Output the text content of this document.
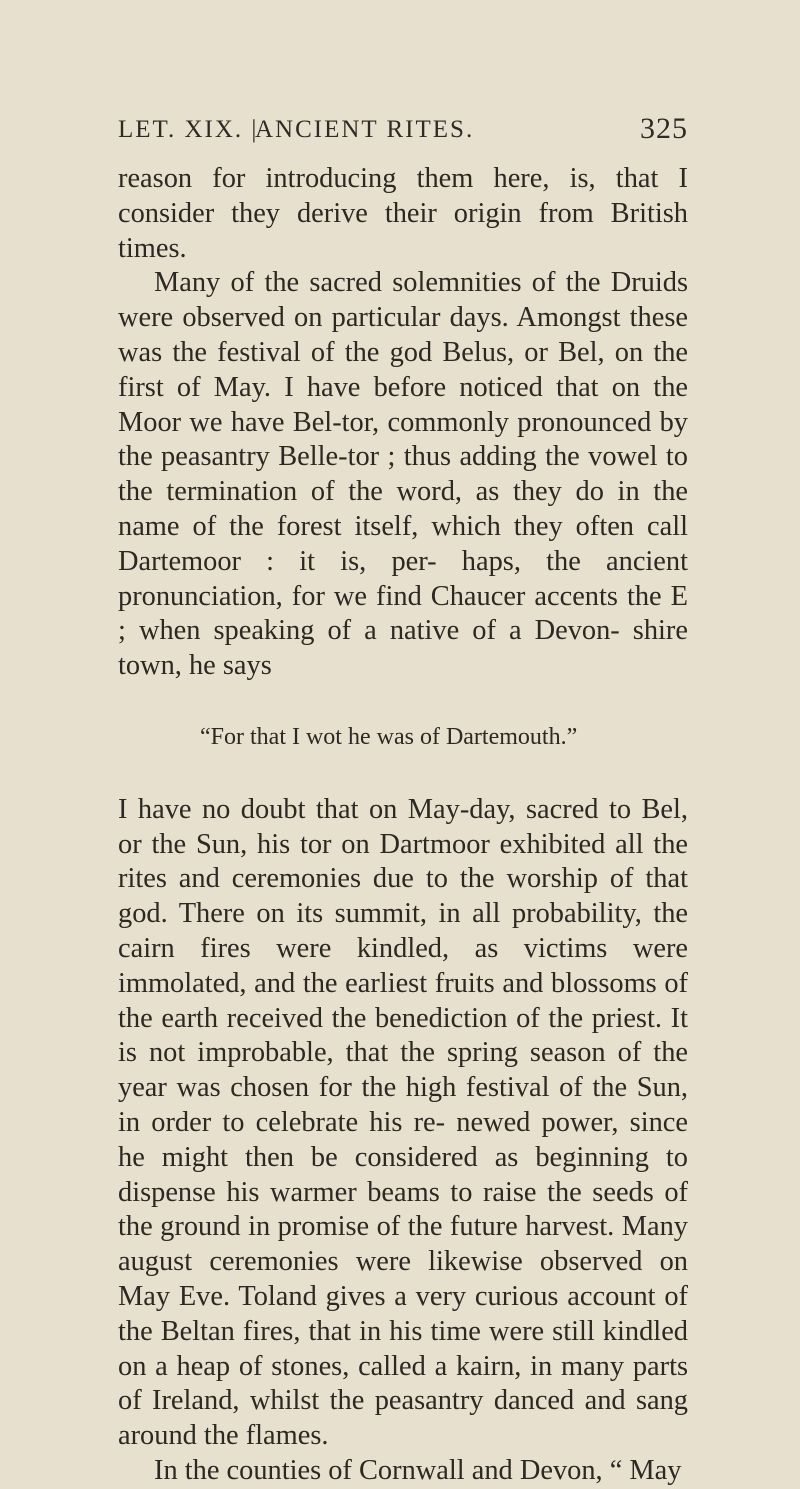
LET. XIX. |
ANCIENT RITES.	325

reason for introducing them here, is, that I consider they derive their origin from British times.

Many of the sacred solemnities of the Druids were observed on particular days. Amongst these was the festival of the god Belus, or Bel, on the first of May. I have before noticed that on the Moor we have Bel-tor, commonly pronounced by the peasantry Belle-tor ; thus adding the vowel to the termination of the word, as they do in the name of the forest itself, which they often call Dartemoor : it is, per- haps, the ancient pronunciation, for we find Chaucer accents the E ; when speaking of a native of a Devon- shire town, he says

“For that I wot he was of Dartemouth.”

I have no doubt that on May-day, sacred to Bel, or the Sun, his tor on Dartmoor exhibited all the rites and ceremonies due to the worship of that god. There on its summit, in all probability, the cairn fires were kindled, as victims were immolated, and the earliest fruits and blossoms of the earth received the benediction of the priest. It is not improbable, that the spring season of the year was chosen for the high festival of the Sun, in order to celebrate his re- newed power, since he might then be considered as beginning to dispense his warmer beams to raise the seeds of the ground in promise of the future harvest. Many august ceremonies were likewise observed on May Eve. Toland gives a very curious account of the Beltan fires, that in his time were still kindled on a heap of stones, called a kairn, in many parts of Ireland, whilst the peasantry danced and sang around the flames.

In the counties of Cornwall and Devon, “ May
